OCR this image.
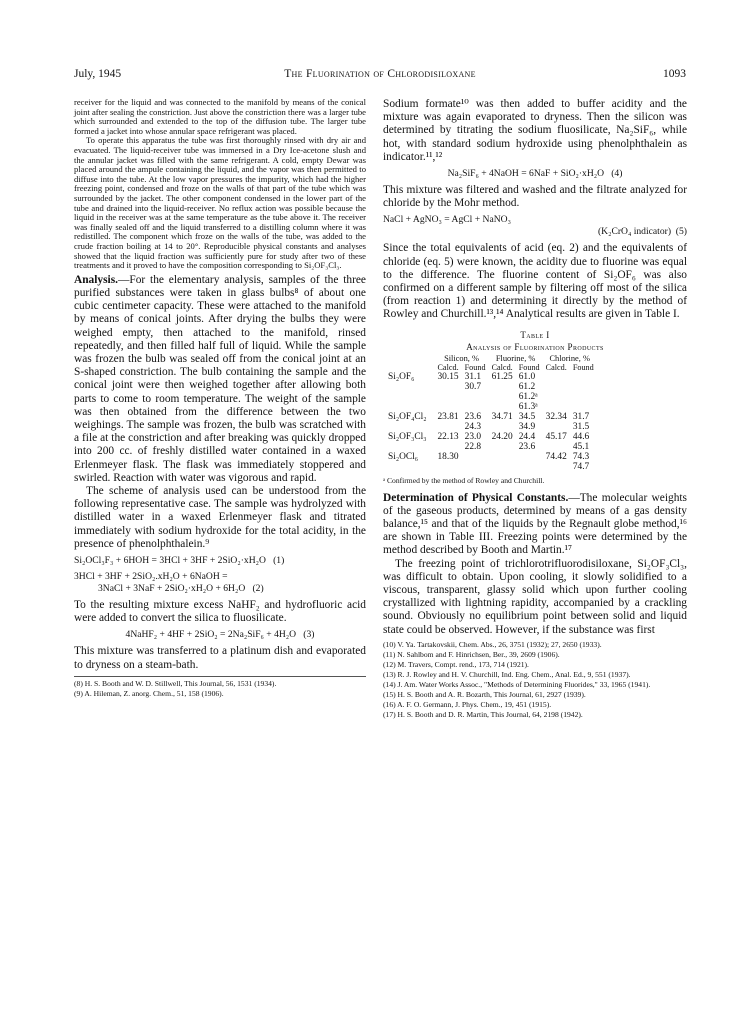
July, 1945	The Fluorination of Chlorodisiloxane	1093

receiver for the liquid and was connected to the manifold by means of the conical joint after sealing the constriction. Just above the constriction there was a larger tube which surrounded and extended to the top of the diffusion tube. The larger tube formed a jacket into whose annular space refrigerant was placed.

To operate this apparatus the tube was first thoroughly rinsed with dry air and evacuated. The liquid-receiver tube was immersed in a Dry Ice-acetone slush and the annular jacket was filled with the same refrigerant. A cold, empty Dewar was placed around the ampule containing the liquid, and the vapor was then permitted to diffuse into the tube. At the low vapor pressures the impurity, which had the higher freezing point, condensed and froze on the walls of that part of the tube which was surrounded by the jacket. The other component condensed in the lower part of the tube and drained into the liquid-receiver. No reflux action was possible because the liquid in the receiver was at the same temperature as the tube above it. The receiver was finally sealed off and the liquid transferred to a distilling column where it was redistilled. The component which froze on the walls of the tube, was added to the crude fraction boiling at 14 to 20°. Reproducible physical constants and analyses showed that the liquid fraction was sufficiently pure for study after two of these treatments and it proved to have the composition corresponding to Si₂OF₃Cl₃.

Analysis.—For the elementary analysis, samples of the three purified substances were taken in glass bulbs⁸ of about one cubic centimeter capacity. These were attached to the manifold by means of conical joints. After drying the bulbs they were weighed empty, then attached to the manifold, rinsed repeatedly, and then filled half full of liquid. While the sample was frozen the bulb was sealed off from the conical joint at an S-shaped constriction. The bulb containing the sample and the conical joint were then weighed together after allowing both parts to come to room temperature. The weight of the sample was then obtained from the difference between the two weighings. The sample was frozen, the bulb was scratched with a file at the constriction and after breaking was quickly dropped into 200 cc. of freshly distilled water contained in a waxed Erlenmeyer flask. The flask was immediately stoppered and swirled. Reaction with water was vigorous and rapid.

The scheme of analysis used can be understood from the following representative case. The sample was hydrolyzed with distilled water in a waxed Erlenmeyer flask and titrated immediately with sodium hydroxide for the total acidity, in the presence of phenolphthalein.⁹

Si₂OCl₃F₃ + 6HOH = 3HCl + 3HF + 2SiO₂·xH₂O   (1)
3HCl + 3HF + 2SiO₂.xH₂O + 6NaOH =
3NaCl + 3NaF + 2SiO₂·xH₂O + 6H₂O   (2)

To the resulting mixture excess NaHF₂ and hydrofluoric acid were added to convert the silica to fluosilicate.

4NaHF₂ + 4HF + 2SiO₂ = 2Na₂SiF₆ + 4H₂O   (3)

This mixture was transferred to a platinum dish and evaporated to dryness on a steam-bath.

(8) H. S. Booth and W. D. Stillwell, This Journal, 56, 1531 (1934).
(9) A. Hileman, Z. anorg. Chem., 51, 158 (1906).

Sodium formate¹⁰ was then added to buffer acidity and the mixture was again evaporated to dryness. Then the silicon was determined by titrating the sodium fluosilicate, Na₂SiF₆, while hot, with standard sodium hydroxide using phenolphthalein as indicator.¹¹,¹²

Na₂SiF₆ + 4NaOH = 6NaF + SiO₂·xH₂O   (4)

This mixture was filtered and washed and the filtrate analyzed for chloride by the Mohr method.

NaCl + AgNO₃ = AgCl + NaNO₃
(K₂CrO₄ indicator)  (5)

Since the total equivalents of acid (eq. 2) and the equivalents of chloride (eq. 5) were known, the acidity due to fluorine was equal to the difference. The fluorine content of Si₂OF₆ was also confirmed on a different sample by filtering off most of the silica (from reaction 1) and determining it directly by the method of Rowley and Churchill.¹³,¹⁴ Analytical results are given in Table I.

Table I
Analysis of Fluorination Products
	Silicon, %		Fluorine, %		Chlorine, %	
	Calcd.	Found	Calcd.	Found	Calcd.	Found
Si₂OF₆	30.15	31.1	61.25	61.0		
		30.7		61.2		
				61.2ᵃ		
				61.3ᵃ		
Si₂OF₄Cl₂	23.81	23.6	34.71	34.5	32.34	31.7
		24.3		34.9		31.5
Si₂OF₃Cl₃	22.13	23.0	24.20	24.4	45.17	44.6
		22.8		23.6		45.1
Si₂OCl₆	18.30				74.42	74.3
						74.7
ᵃ Confirmed by the method of Rowley and Churchill.

Determination of Physical Constants.—The molecular weights of the gaseous products, determined by means of a gas density balance,¹⁵ and that of the liquids by the Regnault globe method,¹⁶ are shown in Table III. Freezing points were determined by the method described by Booth and Martin.¹⁷

The freezing point of trichlorotrifluorodisiloxane, Si₂OF₃Cl₃, was difficult to obtain. Upon cooling, it slowly solidified to a viscous, transparent, glassy solid which upon further cooling crystallized with lightning rapidity, accompanied by a crackling sound. Obviously no equilibrium point between solid and liquid state could be observed. However, if the substance was first

(10) V. Ya. Tartakovskii, Chem. Abs., 26, 3751 (1932); 27, 2650 (1933).
(11) N. Sahlbom and F. Hinrichsen, Ber., 39, 2609 (1906).
(12) M. Travers, Compt. rend., 173, 714 (1921).
(13) R. J. Rowley and H. V. Churchill, Ind. Eng. Chem., Anal. Ed., 9, 551 (1937).
(14) J. Am. Water Works Assoc., "Methods of Determining Fluorides," 33, 1965 (1941).
(15) H. S. Booth and A. R. Bozarth, This Journal, 61, 2927 (1939).
(16) A. F. O. Germann, J. Phys. Chem., 19, 451 (1915).
(17) H. S. Booth and D. R. Martin, This Journal, 64, 2198 (1942).
